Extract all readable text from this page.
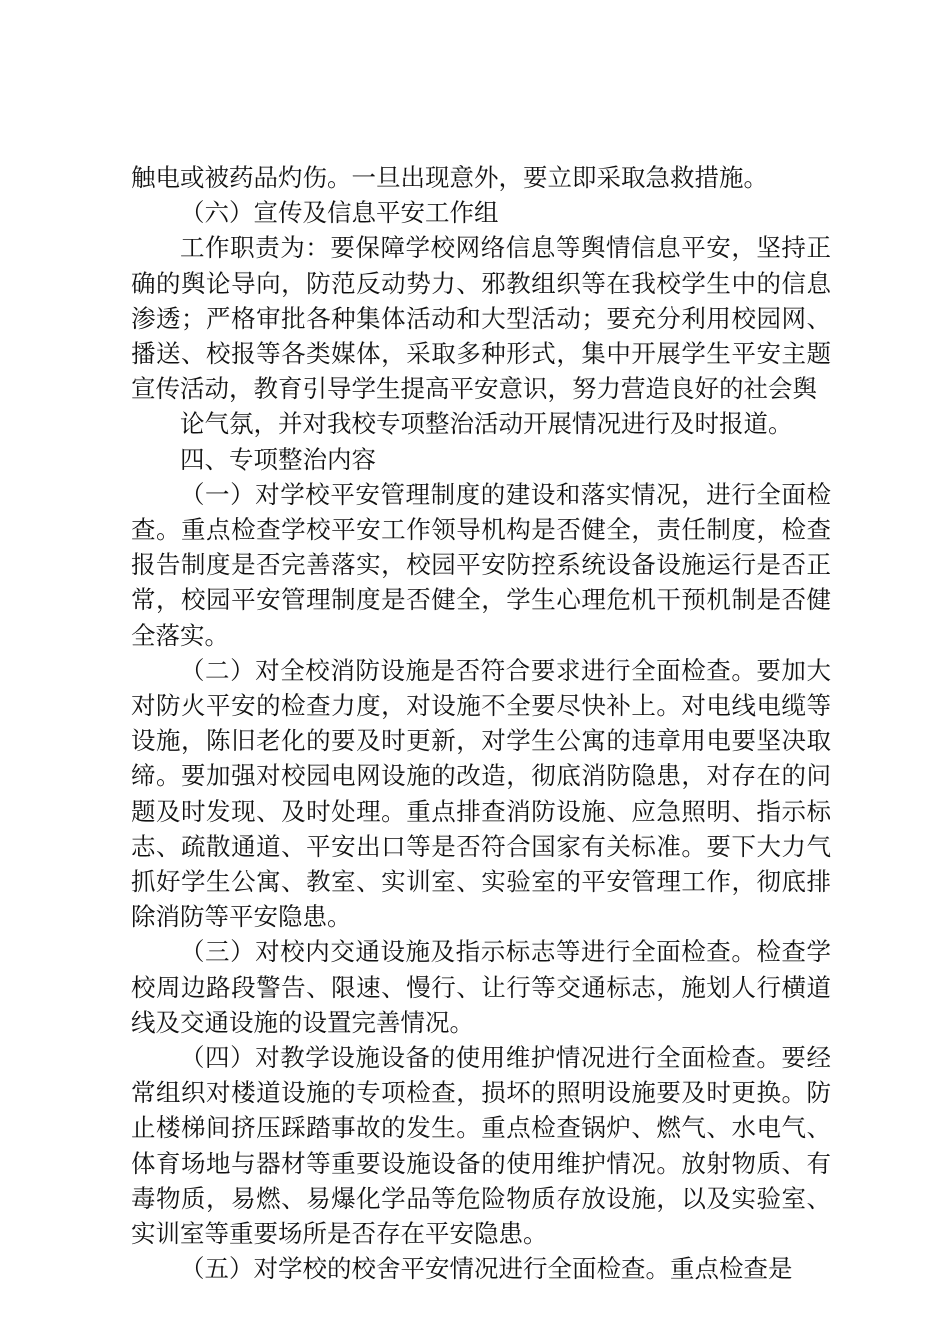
触电或被药品灼伤。一旦出现意外，要立即采取急救措施。

（六）宣传及信息平安工作组

工作职责为：要保障学校网络信息等舆情信息平安，坚持正确的舆论导向，防范反动势力、邪教组织等在我校学生中的信息渗透；严格审批各种集体活动和大型活动；要充分利用校园网、播送、校报等各类媒体，采取多种形式，集中开展学生平安主题宣传活动，教育引导学生提高平安意识，努力营造良好的社会舆

论气氛，并对我校专项整治活动开展情况进行及时报道。

四、专项整治内容

（一）对学校平安管理制度的建设和落实情况，进行全面检查。重点检查学校平安工作领导机构是否健全，责任制度，检查报告制度是否完善落实，校园平安防控系统设备设施运行是否正常，校园平安管理制度是否健全，学生心理危机干预机制是否健全落实。

（二）对全校消防设施是否符合要求进行全面检查。要加大对防火平安的检查力度，对设施不全要尽快补上。对电线电缆等设施，陈旧老化的要及时更新，对学生公寓的违章用电要坚决取缔。要加强对校园电网设施的改造，彻底消防隐患，对存在的问题及时发现、及时处理。重点排查消防设施、应急照明、指示标志、疏散通道、平安出口等是否符合国家有关标准。要下大力气抓好学生公寓、教室、实训室、实验室的平安管理工作，彻底排除消防等平安隐患。

（三）对校内交通设施及指示标志等进行全面检查。检查学校周边路段警告、限速、慢行、让行等交通标志，施划人行横道线及交通设施的设置完善情况。

（四）对教学设施设备的使用维护情况进行全面检查。要经常组织对楼道设施的专项检查，损坏的照明设施要及时更换。防止楼梯间挤压踩踏事故的发生。重点检查锅炉、燃气、水电气、体育场地与器材等重要设施设备的使用维护情况。放射物质、有毒物质，易燃、易爆化学品等危险物质存放设施，以及实验室、实训室等重要场所是否存在平安隐患。

（五）对学校的校舍平安情况进行全面检查。重点检查是
